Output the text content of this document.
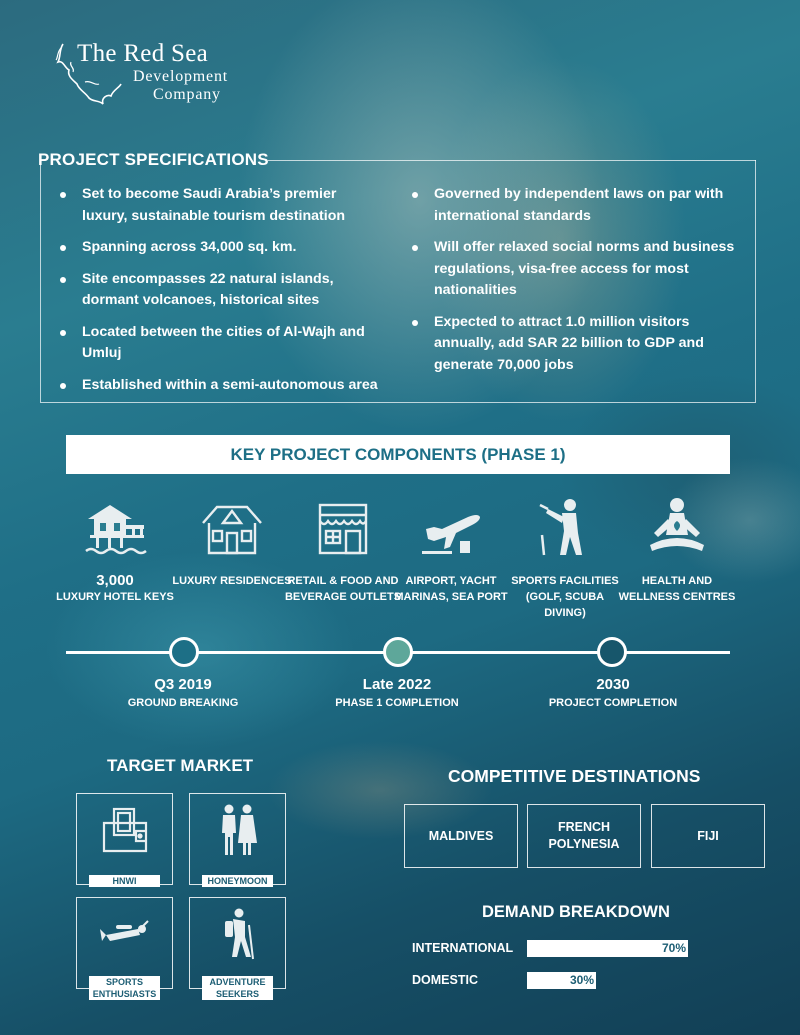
The Red Sea
Development
Company
PROJECT SPECIFICATIONS
Set to become Saudi Arabia’s premier luxury, sustainable tourism destination
Spanning across 34,000 sq. km.
Site encompasses 22 natural islands, dormant volcanoes, historical sites
Located between the cities of Al-Wajh and Umluj
Established within a semi-autonomous area
Governed by independent laws on par with international standards
Will offer relaxed social norms and business regulations, visa-free access for most nationalities
Expected to attract 1.0 million visitors annually, add SAR 22 billion to GDP and generate 70,000 jobs
KEY PROJECT COMPONENTS (PHASE 1)
3,000
LUXURY HOTEL KEYS
LUXURY RESIDENCES
RETAIL & FOOD AND BEVERAGE OUTLETS
AIRPORT, YACHT MARINAS, SEA PORT
SPORTS FACILITIES (GOLF, SCUBA DIVING)
HEALTH AND WELLNESS CENTRES
Q3 2019
GROUND BREAKING
Late 2022
PHASE 1 COMPLETION
2030
PROJECT COMPLETION
TARGET MARKET
HNWI	HONEYMOON
SPORTS ENTHUSIASTS
ADVENTURE SEEKERS
COMPETITIVE DESTINATIONS
MALDIVES
FRENCH POLYNESIA
FIJI
DEMAND BREAKDOWN
INTERNATIONAL	70%
DOMESTIC	30%
